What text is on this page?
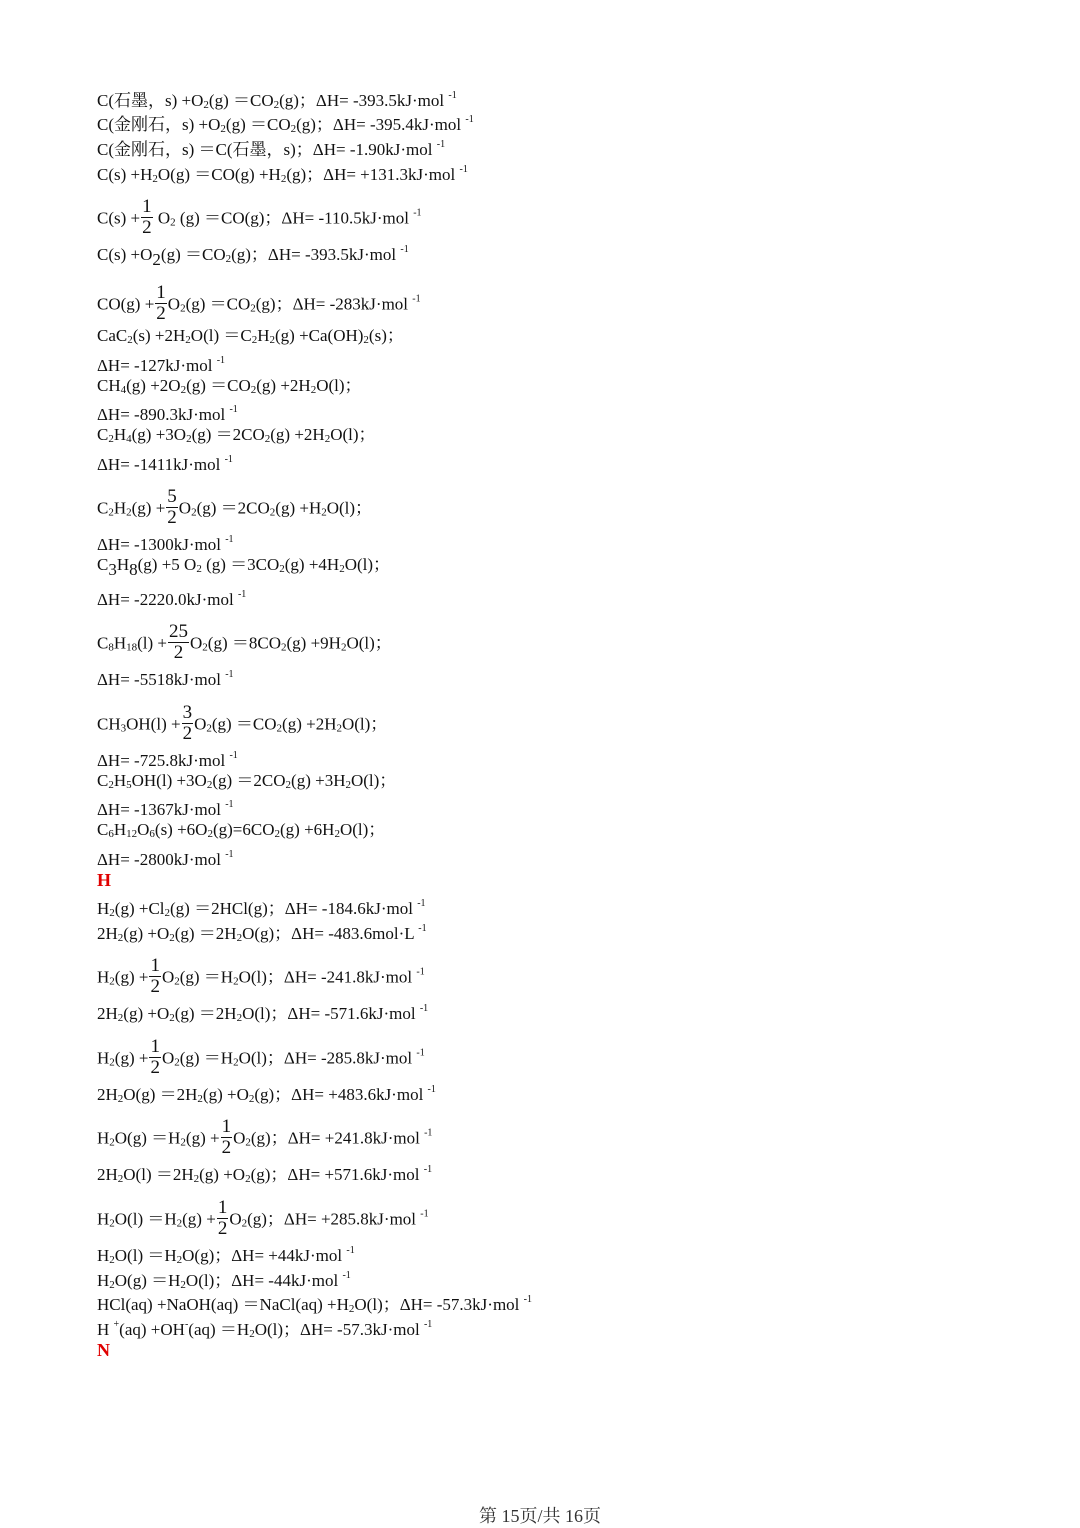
C(石墨，$s) +O_2(g) =CO_2(g)$；ΔH= -393.5kJ·mol $^{-1}$
C(金刚石，$s) +O_2(g) =CO_2(g)$；ΔH= -395.4kJ·mol $^{-1}$
C(金刚石，s) ＝C(石墨，s)；ΔH= -1.90kJ·mol $^{-1}$
$C(s) +H_2O(g) =CO(g) +H_2(g)$；ΔH= +131.3kJ·mol $^{-1}$
$C(s) + \frac{1}{2} O_2$ (g) ＝CO(g)；ΔH= -110.5kJ·mol $^{-1}$
$C(s) +O_2(g) =CO_2(g)$；ΔH= -393.5kJ·mol $^{-1}$
$CO(g) + \frac{1}{2} O_2(g) =CO_2(g)$；ΔH= -283kJ·mol $^{-1}$
$CaC_2(s) +2H_2O(l) =C_2H_2(g) +Ca(OH)_2(s)$；
ΔH= -127kJ·mol $^{-1}$
$CH_4(g) +2O_2(g) =CO_2(g) +2H_2O(l)$；
ΔH= -890.3kJ·mol $^{-1}$
$C_2H_4(g) +3O_2(g) =2CO_2(g) +2H_2O(l)$；
ΔH= -1411kJ·mol $^{-1}$
$C_2H_2(g) + \frac{5}{2} O_2(g) =2CO_2(g) +H_2O(l)$；
ΔH= -1300kJ·mol $^{-1}$
$C_3H_8(g) +5$ $O_2$ $(g) =3CO_2(g) +4H_2O(l)$；
ΔH= -2220.0kJ·mol $^{-1}$
$C_8H_{18}(l) + \frac{25}{2} O_2(g) =8CO_2(g) +9H_2O(l)$；
ΔH= -5518kJ·mol $^{-1}$
$CH_3OH(l) + \frac{3}{2} O_2(g) =CO_2(g) +2H_2O(l)$；
ΔH= -725.8kJ·mol $^{-1}$
$C_2H_5OH(l) +3O_2(g) =2CO_2(g) +3H_2O(l)$；
ΔH= -1367kJ·mol $^{-1}$
$C_6H_{12}O_6(s) +6O_2(g)=6CO_2(g) +6H_2O(l)$；
ΔH= -2800kJ·mol $^{-1}$
H
$H_2(g) +Cl_2(g) =2HCl(g)$；ΔH= -184.6kJ·mol $^{-1}$
$2H_2(g) +O_2(g) =2H_2O(g)$；ΔH= -483.6mol·L $^{-1}$
$H_2(g) + \frac{1}{2} O_2(g) =H_2O(l)$；ΔH= -241.8kJ·mol $^{-1}$
$2H_2(g) +O_2(g) =2H_2O(l)$；ΔH= -571.6kJ·mol $^{-1}$
$H_2(g) + \frac{1}{2} O_2(g) =H_2O(l)$；ΔH= -285.8kJ·mol $^{-1}$
$2H_2O(g) =2H_2(g) +O_2(g)$；ΔH= +483.6kJ·mol $^{-1}$
$H_2O(g) =H_2(g) + \frac{1}{2} O_2(g)$；ΔH= +241.8kJ·mol $^{-1}$
$2H_2O(l) =2H_2(g) +O_2(g)$；ΔH= +571.6kJ·mol $^{-1}$
$H_2O(l) =H_2(g) + \frac{1}{2} O_2(g)$；ΔH= +285.8kJ·mol $^{-1}$
$H_2O(l) =H_2O(g)$；ΔH= +44kJ·mol $^{-1}$
$H_2O(g) =H_2O(l)$；ΔH= -44kJ·mol $^{-1}$
HCl(aq) +NaOH(aq) ＝NaCl(aq) $+H_2O(l)$；ΔH= -57.3kJ·mol $^{-1}$
H $^+(aq) +OH^-(aq) =H_2O(l)$；ΔH= -57.3kJ·mol $^{-1}$
N
第 15页/共 16页
